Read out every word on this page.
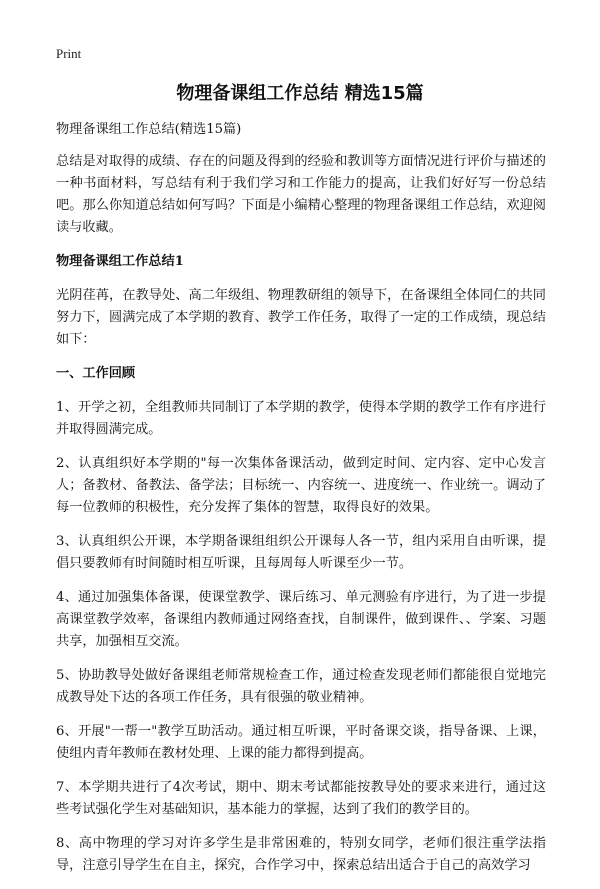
Print
物理备课组工作总结 精选15篇

物理备课组工作总结(精选15篇)

总结是对取得的成绩、存在的问题及得到的经验和教训等方面情况进行评价与描述的一种书面材料，写总结有利于我们学习和工作能力的提高，让我们好好写一份总结吧。那么你知道总结如何写吗？下面是小编精心整理的物理备课组工作总结，欢迎阅读与收藏。

物理备课组工作总结1

光阴荏苒，在教导处、高二年级组、物理教研组的领导下，在备课组全体同仁的共同努力下，圆满完成了本学期的教育、教学工作任务，取得了一定的工作成绩，现总结如下：

一、工作回顾

1、开学之初，全组教师共同制订了本学期的教学，使得本学期的教学工作有序进行并取得圆满完成。

2、认真组织好本学期的"每一次集体备课活动，做到定时间、定内容、定中心发言人；备教材、备教法、备学法；目标统一、内容统一、进度统一、作业统一。调动了每一位教师的积极性，充分发挥了集体的智慧，取得良好的效果。

3、认真组织公开课，本学期备课组组织公开课每人各一节，组内采用自由听课，提倡只要教师有时间随时相互听课，且每周每人听课至少一节。

4、通过加强集体备课，使课堂教学、课后练习、单元测验有序进行，为了进一步提高课堂教学效率，备课组内教师通过网络查找，自制课件，做到课件、、学案、习题共享，加强相互交流。

5、协助教导处做好备课组老师常规检查工作，通过检查发现老师们都能很自觉地完成教导处下达的各项工作任务，具有很强的敬业精神。

6、开展"一帮一"教学互助活动。通过相互听课，平时备课交谈，指导备课、上课，使组内青年教师在教材处理、上课的能力都得到提高。

7、本学期共进行了4次考试，期中、期末考试都能按教导处的要求来进行，通过这些考试强化学生对基础知识，基本能力的掌握，达到了我们的教学目的。

8、高中物理的学习对许多学生是非常困难的，特别女同学，老师们很注重学法指导，注意引导学生在自主，探究，合作学习中，探索总结出适合于自己的高效学习
